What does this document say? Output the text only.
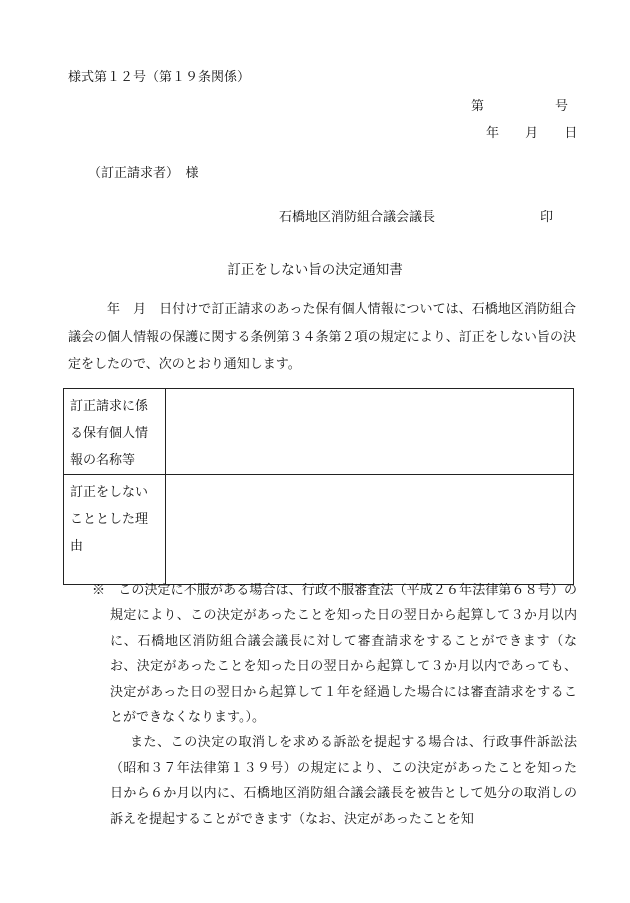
様式第１２号（第１９条関係）
第	号
年 月 日
（訂正請求者）　様
石橋地区消防組合議会議長	印
訂正をしない旨の決定通知書
年　月　日付けで訂正請求のあった保有個人情報については、石橋地区消防組合議会の個人情報の保護に関する条例第３４条第２項の規定により、訂正をしない旨の決定をしたので、次のとおり通知します。
訂正請求に係る保有個人情報の名称等	
訂正をしないこととした理由	

※　この決定に不服がある場合は、行政不服審査法（平成２６年法律第６８号）の規定により、この決定があったことを知った日の翌日から起算して３か月以内に、石橋地区消防組合議会議長に対して審査請求をすることができます（なお、決定があったことを知った日の翌日から起算して３か月以内であっても、決定があった日の翌日から起算して１年を経過した場合には審査請求をすることができなくなります。）。

また、この決定の取消しを求める訴訟を提起する場合は、行政事件訴訟法（昭和３７年法律第１３９号）の規定により、この決定があったことを知った日から６か月以内に、石橋地区消防組合議会議長を被告として処分の取消しの訴えを提起することができます（なお、決定があったことを知
